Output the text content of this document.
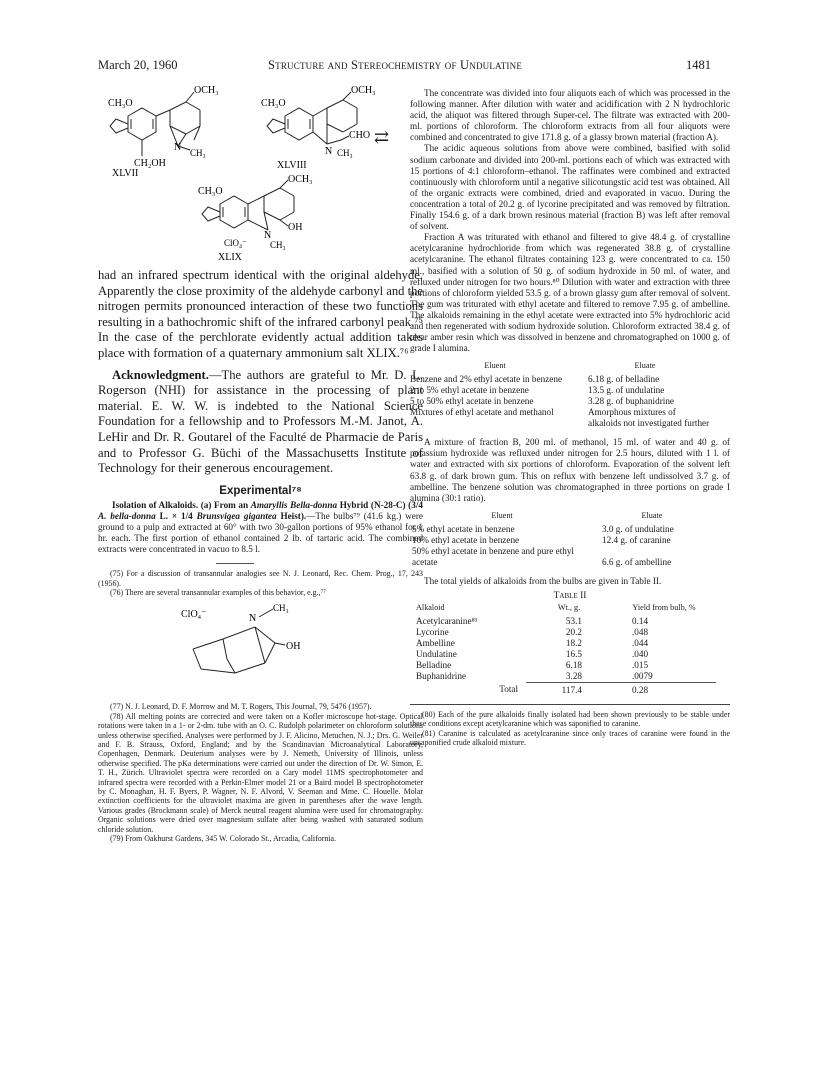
March 20, 1960	Structure and Stereochemistry of Undulatine	1481
OCH₃
CH₃O
N CH₃
CH₂OH
XLVII
OCH₃
CH₃O
CHO
N CH₃
XLVIII
⇄
OCH₃
CH₃O
OH
N
CH₃
ClO₄⁻
XLIX

had an infrared spectrum identical with the original aldehyde. Apparently the close proximity of the aldehyde carbonyl and the nitrogen permits pronounced interaction of these two functions resulting in a bathochromic shift of the infrared carbonyl peak.⁷⁵ In the case of the perchlorate evidently actual addition takes place with formation of a quaternary ammonium salt XLIX.⁷⁶

Acknowledgment.—The authors are grateful to Mr. D. L. Rogerson (NHI) for assistance in the processing of plant material. E. W. W. is indebted to the National Science Foundation for a fellowship and to Professors M.-M. Janot, A. LeHir and Dr. R. Goutarel of the Faculté de Pharmacie de Paris and to Professor G. Büchi of the Massachusetts Institute of Technology for their generous encouragement.

Experimental⁷⁸

Isolation of Alkaloids. (a) From an Amaryllis Bella-donna Hybrid (N-28-C) (3/4 A. bella-donna L. × 1/4 Brunsvigea gigantea Heist).—The bulbs⁷⁹ (41.6 kg.) were ground to a pulp and extracted at 60° with two 30-gallon portions of 95% ethanol for 1 hr. each. The first portion of ethanol contained 2 lb. of tartaric acid. The combined extracts were concentrated in vacuo to 8.5 l.

(75) For a discussion of transannular analogies see N. J. Leonard, Rec. Chem. Prog., 17, 243 (1956).

(76) There are several transannular examples of this behavior, e.g.,⁷⁷

ClO₄⁻	N
CH₃
OH

(77) N. J. Leonard, D. F. Morrow and M. T. Rogers, This Journal, 79, 5476 (1957).

(78) All melting points are corrected and were taken on a Kofler microscope hot-stage. Optical rotations were taken in a 1- or 2-dm. tube with an O. C. Rudolph polarimeter on chloroform solutions unless otherwise specified. Analyses were performed by J. F. Alicino, Metuchen, N. J.; Drs. G. Weiler and F. B. Strauss, Oxford, England; and by the Scandinavian Microanalytical Laboratory, Copenhagen, Denmark. Deuterium analyses were by J. Nemeth, University of Illinois, unless otherwise specified. The pKa determinations were carried out under the direction of Dr. W. Simon, E. T. H., Zürich. Ultraviolet spectra were recorded on a Cary model 11MS spectrophotometer and infrared spectra were recorded with a Perkin-Elmer model 21 or a Baird model B spectrophotometer by C. Monaghan, H. F. Byers, P. Wagner, N. F. Alvord, V. Seeman and Mme. C. Houelle. Molar extinction coefficients for the ultraviolet maxima are given in parentheses after the wave length. Various grades (Brockmann scale) of Merck neutral reagent alumina were used for chromatography. Organic solutions were dried over magnesium sulfate after being washed with saturated sodium chloride solution.

(79) From Oakhurst Gardens, 345 W. Colorado St., Arcadia, California.

The concentrate was divided into four aliquots each of which was processed in the following manner. After dilution with water and acidification with 2 N hydrochloric acid, the aliquot was filtered through Super-cel. The filtrate was extracted with 200-ml. portions of chloroform. The chloroform extracts from all four aliquots were combined and concentrated to give 171.8 g. of a glassy brown material (fraction A).

The acidic aqueous solutions from above were combined, basified with solid sodium carbonate and divided into 200-ml. portions each of which was extracted with 15 portions of 4:1 chloroform–ethanol. The raffinates were combined and extracted continuously with chloroform until a negative silicotungstic acid test was obtained. All of the organic extracts were combined, dried and evaporated in vacuo. During the concentration a total of 20.2 g. of lycorine precipitated and was removed by filtration. Finally 154.6 g. of a dark brown resinous material (fraction B) was left after removal of solvent.

Fraction A was triturated with ethanol and filtered to give 48.4 g. of crystalline acetylcaranine hydrochloride from which was regenerated 38.8 g. of crystalline acetylcaranine. The ethanol filtrates containing 123 g. were concentrated to ca. 150 ml., basified with a solution of 50 g. of sodium hydroxide in 50 ml. of water, and refluxed under nitrogen for two hours.⁸⁰ Dilution with water and extraction with three portions of chloroform yielded 53.5 g. of a brown glassy gum after removal of solvent. The gum was triturated with ethyl acetate and filtered to remove 7.95 g. of ambelline. The alkaloids remaining in the ethyl acetate were extracted into 5% hydrochloric acid and then regenerated with sodium hydroxide solution. Chloroform extracted 38.4 g. of clear amber resin which was dissolved in benzene and chromatographed on 1000 g. of grade I alumina.

Eluent	Eluate
Benzene and 2% ethyl acetate in benzene	6.18 g. of belladine
2 to 5% ethyl acetate in benzene	13.5 g. of undulatine
5 to 50% ethyl acetate in benzene	3.28 g. of buphanidrine
Mixtures of ethyl acetate and methanol	Amorphous mixtures of alkaloids not investigated further

A mixture of fraction B, 200 ml. of methanol, 15 ml. of water and 40 g. of potassium hydroxide was refluxed under nitrogen for 2.5 hours, diluted with 1 l. of water and extracted with six portions of chloroform. Evaporation of the solvent left 63.8 g. of dark brown gum. This on reflux with benzene left undissolved 3.7 g. of ambelline. The benzene solution was chromatographed in three portions on grade I alumina (30:1 ratio).

Eluent	Eluate
5% ethyl acetate in benzene	3.0 g. of undulatine
10% ethyl acetate in benzene	12.4 g. of caranine
50% ethyl acetate in benzene and pure ethyl acetate	6.6 g. of ambelline

The total yields of alkaloids from the bulbs are given in Table II.

Table II
Alkaloid	Wt., g.	Yield from bulb, %
Acetylcaranine⁸¹	53.1	0.14
Lycorine	20.2	.048
Ambelline	18.2	.044
Undulatine	16.5	.040
Belladine	6.18	.015
Buphanidrine	3.28	.0079
Total	117.4	0.28

(80) Each of the pure alkaloids finally isolated had been shown previously to be stable under these conditions except acetylcaranine which was saponified to caranine.

(81) Caranine is calculated as acetylcaranine since only traces of caranine were found in the unsaponified crude alkaloid mixture.
